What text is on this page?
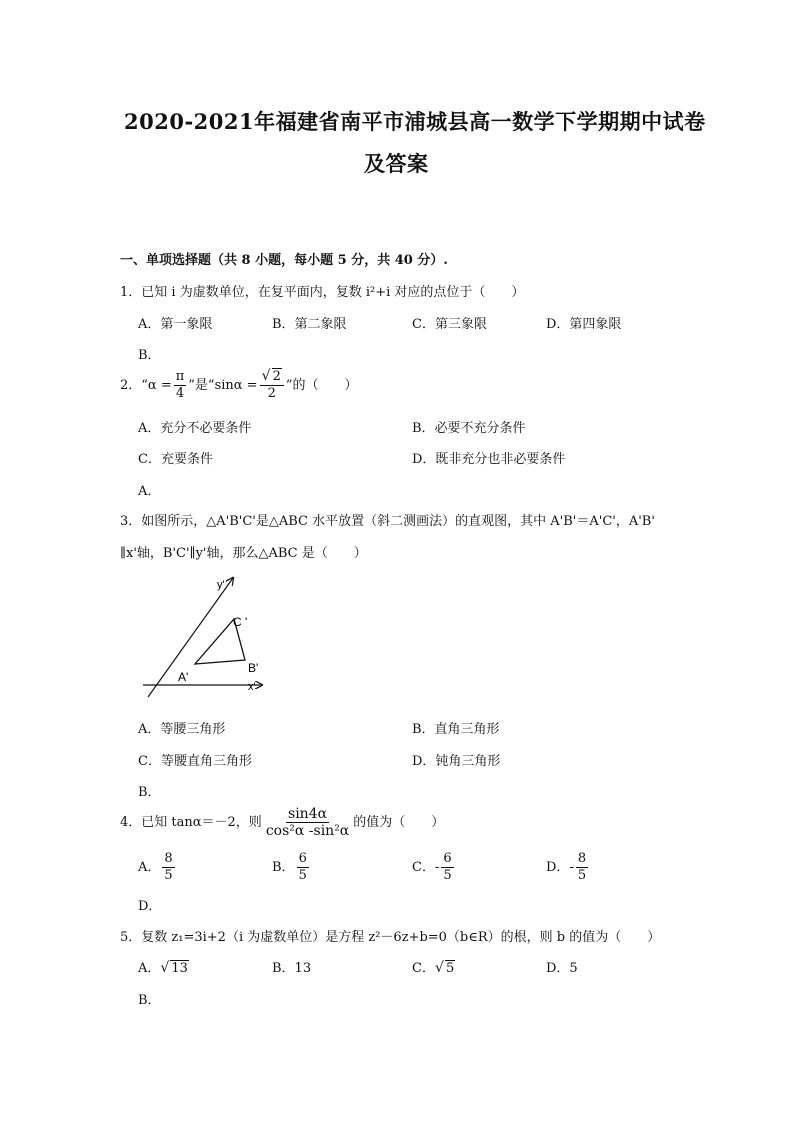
2020-2021年福建省南平市浦城县高一数学下学期期中试卷
及答案
一、单项选择题（共 8 小题，每小题 5 分，共 40 分）.
1．已知 i 为虚数单位，在复平面内，复数 i²+i 对应的点位于（　　）
A．第一象限	B．第二象限	C．第三象限	D．第四象限
B．
2．“$\alpha = \frac{\pi}{4}$ ”是“sinα = √ $\frac{2}{2}$ ”的（　　）
A．充分不必要条件	B．必要不充分条件
C．充要条件	D．既非充分也非必要条件
A．
3．如图所示，△A'B'C'是△ABC 水平放置（斜二测画法）的直观图，其中 A'B'＝A'C'，A'B'
∥x'轴，B'C'∥y'轴，那么△ABC 是（　　）
y'
x'
A'
B'
C '
A．等腰三角形	B．直角三角形
C．等腰直角三角形	D．钝角三角形
B．
4．已知 tanα＝－2，则 $\frac{\sin 4\alpha}{\text{cos²α -sin²α}}$ 的值为（　　）
A． $\frac{8}{5}$	B． $\frac{6}{5}$	C．- $\frac{6}{5}$	D．- $\frac{8}{5}$
D．
5．复数 z₁=3i+2（i 为虚数单位）是方程 z²－6z+b=0（b∈R）的根，则 b 的值为（　　）
A． √ 13	B．13	C． √ 5	D．5
B．
